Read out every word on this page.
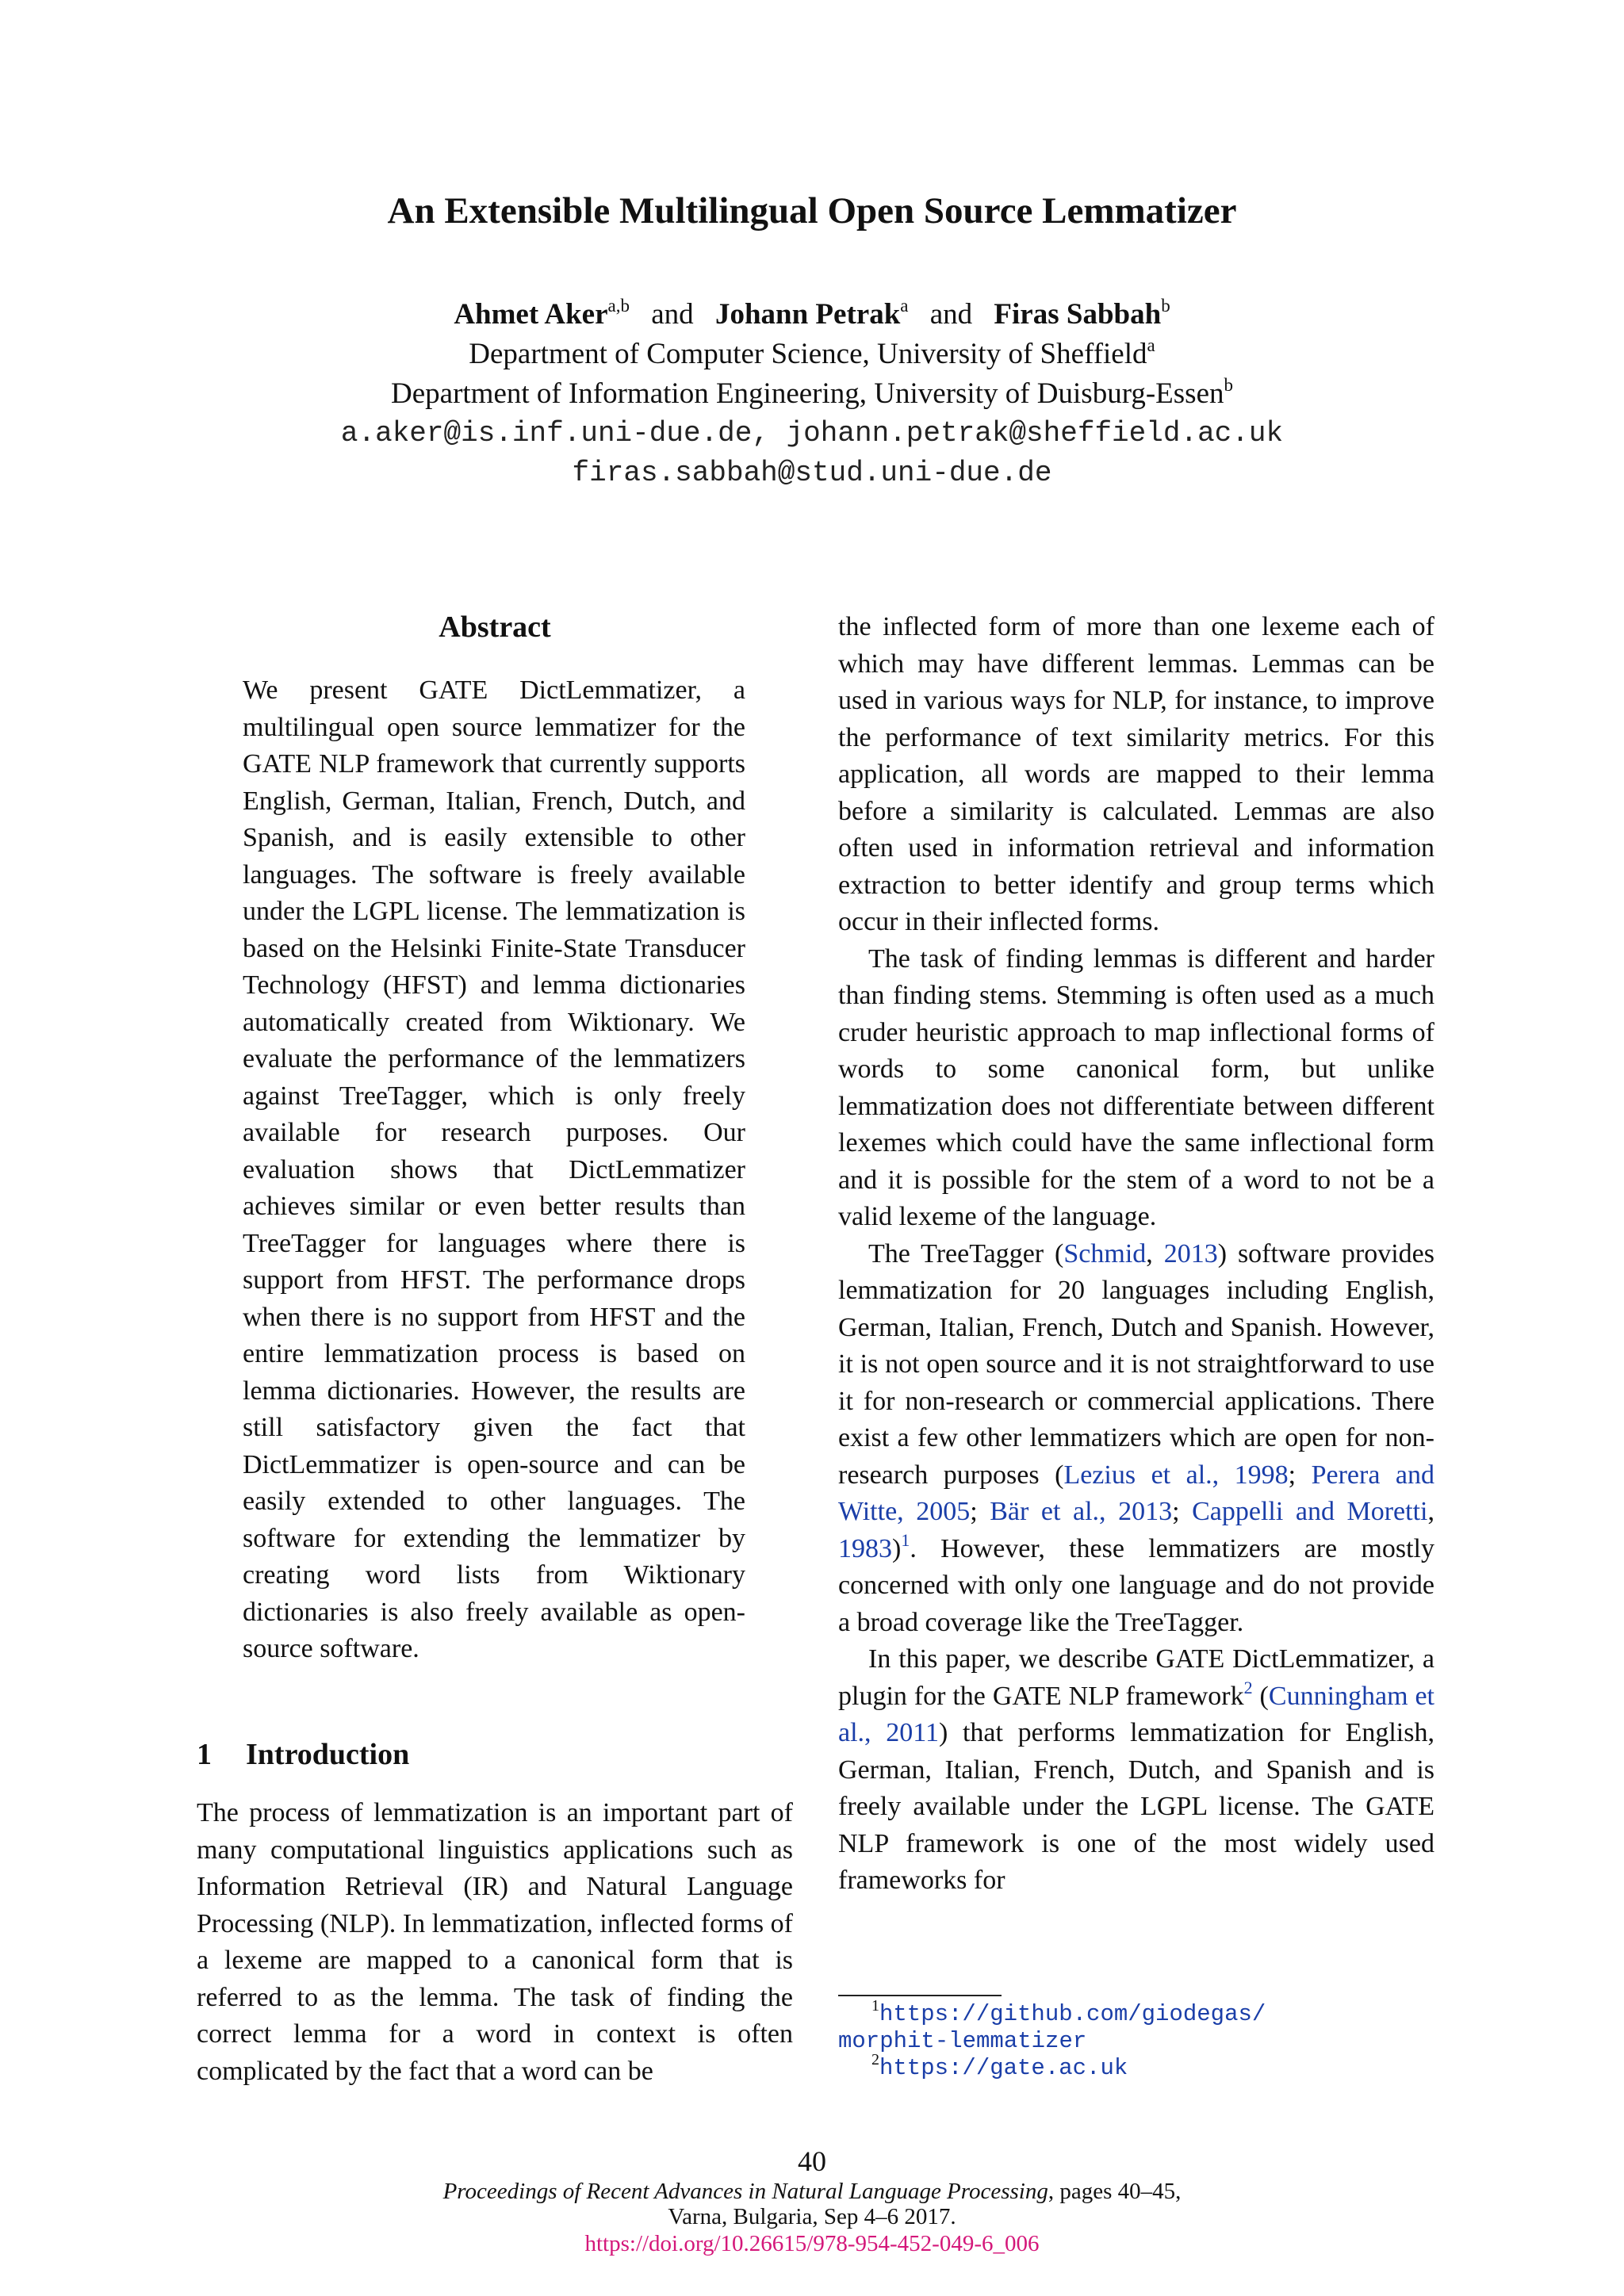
An Extensible Multilingual Open Source Lemmatizer
Ahmet Aker$^{a,b}$ and Johann Petrak$^a$ and Firas Sabbah$^b$
Department of Computer Science, University of Sheffield$^a$
Department of Information Engineering, University of Duisburg-Essen$^b$
a.aker@is.inf.uni-due.de, johann.petrak@sheffield.ac.uk
firas.sabbah@stud.uni-due.de
Abstract
We present GATE DictLemmatizer, a multilingual open source lemmatizer for the GATE NLP framework that currently supports English, German, Italian, French, Dutch, and Spanish, and is easily extensible to other languages. The software is freely available under the LGPL license. The lemmatization is based on the Helsinki Finite-State Transducer Technology (HFST) and lemma dictionaries automatically created from Wiktionary. We evaluate the performance of the lemmatizers against TreeTagger, which is only freely available for research purposes. Our evaluation shows that DictLemmatizer achieves similar or even better results than TreeTagger for languages where there is support from HFST. The performance drops when there is no support from HFST and the entire lemmatization process is based on lemma dictionaries. However, the results are still satisfactory given the fact that DictLemmatizer is open-source and can be easily extended to other languages. The software for extending the lemmatizer by creating word lists from Wiktionary dictionaries is also freely available as open-source software.
1 Introduction
The process of lemmatization is an important part of many computational linguistics applications such as Information Retrieval (IR) and Natural Language Processing (NLP). In lemmatization, inflected forms of a lexeme are mapped to a canonical form that is referred to as the lemma. The task of finding the correct lemma for a word in context is often complicated by the fact that a word can be

the inflected form of more than one lexeme each of which may have different lemmas. Lemmas can be used in various ways for NLP, for instance, to improve the performance of text similarity metrics. For this application, all words are mapped to their lemma before a similarity is calculated. Lemmas are also often used in information retrieval and information extraction to better identify and group terms which occur in their inflected forms.

The task of finding lemmas is different and harder than finding stems. Stemming is often used as a much cruder heuristic approach to map inflectional forms of words to some canonical form, but unlike lemmatization does not differentiate between different lexemes which could have the same inflectional form and it is possible for the stem of a word to not be a valid lexeme of the language.

The TreeTagger (Schmid, 2013) software provides lemmatization for 20 languages including English, German, Italian, French, Dutch and Spanish. However, it is not open source and it is not straightforward to use it for non-research or commercial applications. There exist a few other lemmatizers which are open for non-research purposes (Lezius et al., 1998; Perera and Witte, 2005; Bär et al., 2013; Cappelli and Moretti, 1983)$^1$. However, these lemmatizers are mostly concerned with only one language and do not provide a broad coverage like the TreeTagger.

In this paper, we describe GATE DictLemmatizer, a plugin for the GATE NLP framework$^2$ (Cunningham et al., 2011) that performs lemmatization for English, German, Italian, French, Dutch, and Spanish and is freely available under the LGPL license. The GATE NLP framework is one of the most widely used frameworks for

$^1$https://github.com/giodegas/
morphit-lemmatizer
$^2$https://gate.ac.uk
40
Proceedings of Recent Advances in Natural Language Processing, pages 40–45,
Varna, Bulgaria, Sep 4–6 2017.
https://doi.org/10.26615/978-954-452-049-6_006
